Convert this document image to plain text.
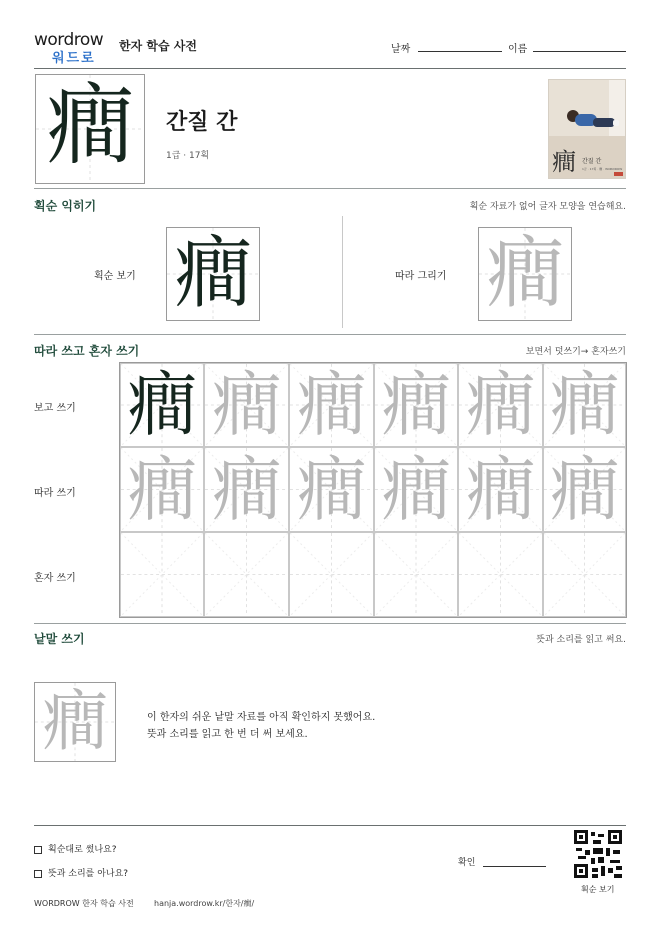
wordrow
워드로
한자 학습 사전	날짜	이름
癎	간질 간
1급 · 17획	癎 간질 간
1급 · 17획 · 癎 · WORDROW
획순 익히기	획순 자료가 없어 글자 모양을 연습해요.
획순 보기 癎	따라 그리기 癎
따라 쓰고 혼자 쓰기	보면서 덧쓰기→ 혼자쓰기
보고 쓰기
따라 쓰기
혼자 쓰기
癎 癎 癎 癎 癎 癎
癎 癎 癎 癎 癎 癎
낱말 쓰기	뜻과 소리를 읽고 써요.
癎	이 한자의 쉬운 낱말 자료를 아직 확인하지 못했어요.
뜻과 소리를 읽고 한 번 더 써 보세요.
획순대로 썼나요?
뜻과 소리를 아나요?
확인
획순 보기
WORDROW 한자 학습 사전	hanja.wordrow.kr/한자/癎/
